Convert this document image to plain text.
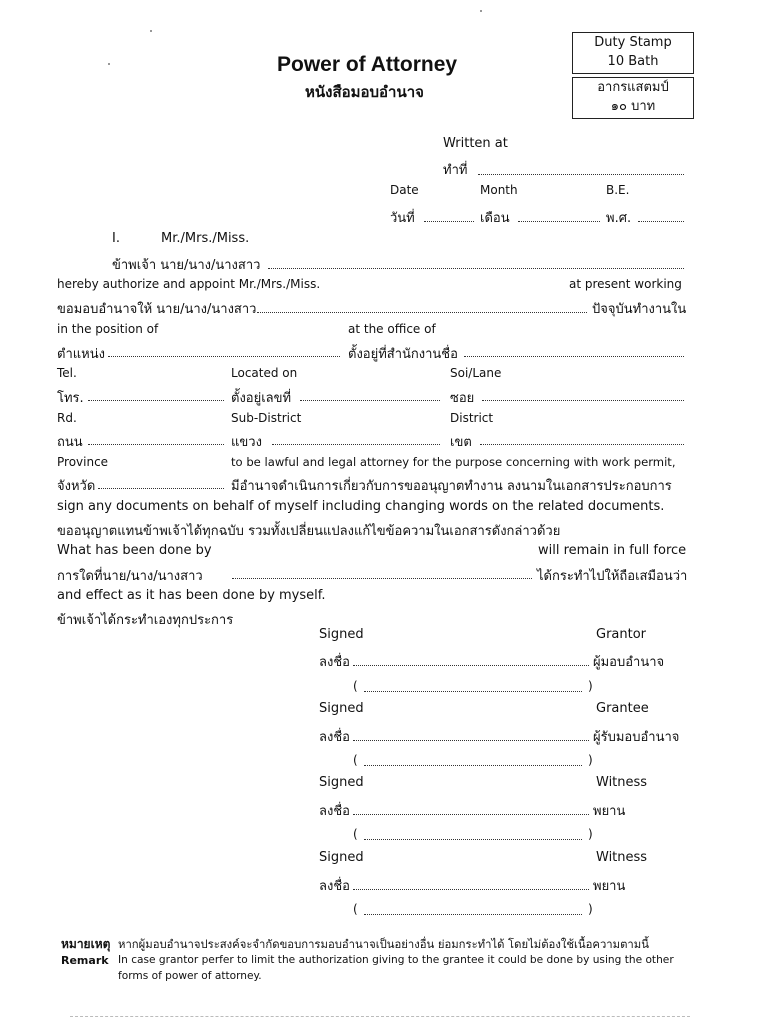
Duty Stamp
10 Bath
อากรแสตมป์
๑๐ บาท
Power of Attorney
หนังสือมอบอำนาจ
Written at
ทำที่
Date	Month	B.E.
วันที่	เดือน	พ.ศ.
I.	Mr./Mrs./Miss.
ข้าพเจ้า นาย/นาง/นางสาว
hereby authorize and appoint Mr./Mrs./Miss.	at present working
ขอมอบอำนาจให้ นาย/นาง/นางสาว	ปัจจุบันทำงานใน
in the position of	at the office of
ตำแหน่ง	ตั้งอยู่ที่สำนักงานชื่อ
Tel.	Located on	Soi/Lane
โทร.	ตั้งอยู่เลขที่	ซอย
Rd.	Sub-District	District
ถนน	แขวง	เขต
Province	to be lawful and legal attorney for the purpose concerning with work permit,
จังหวัด	มีอำนาจดำเนินการเกี่ยวกับการขออนุญาตทำงาน ลงนามในเอกสารประกอบการ
sign any documents on behalf of myself including changing words on the related documents.
ขออนุญาตแทนข้าพเจ้าได้ทุกฉบับ รวมทั้งเปลี่ยนแปลงแก้ไขข้อความในเอกสารดังกล่าวด้วย
What has been done by	will remain in full force
การใดที่นาย/นาง/นางสาว	ได้กระทำไปให้ถือเสมือนว่า
and effect as it has been done by myself.
ข้าพเจ้าได้กระทำเองทุกประการ
Signed	Grantor
ลงชื่อ	ผู้มอบอำนาจ
(	)
Signed	Grantee
ลงชื่อ	ผู้รับมอบอำนาจ
(	)
Signed	Witness
ลงชื่อ	พยาน
(	)
Signed	Witness
ลงชื่อ	พยาน
(	)
หมายเหตุ หากผู้มอบอำนาจประสงค์จะจำกัดขอบการมอบอำนาจเป็นอย่างอื่น ย่อมกระทำได้ โดยไม่ต้องใช้เนื้อความตามนี้
Remark In case grantor perfer to limit the authorization giving to the grantee it could be done by using the other
forms of power of attorney.
